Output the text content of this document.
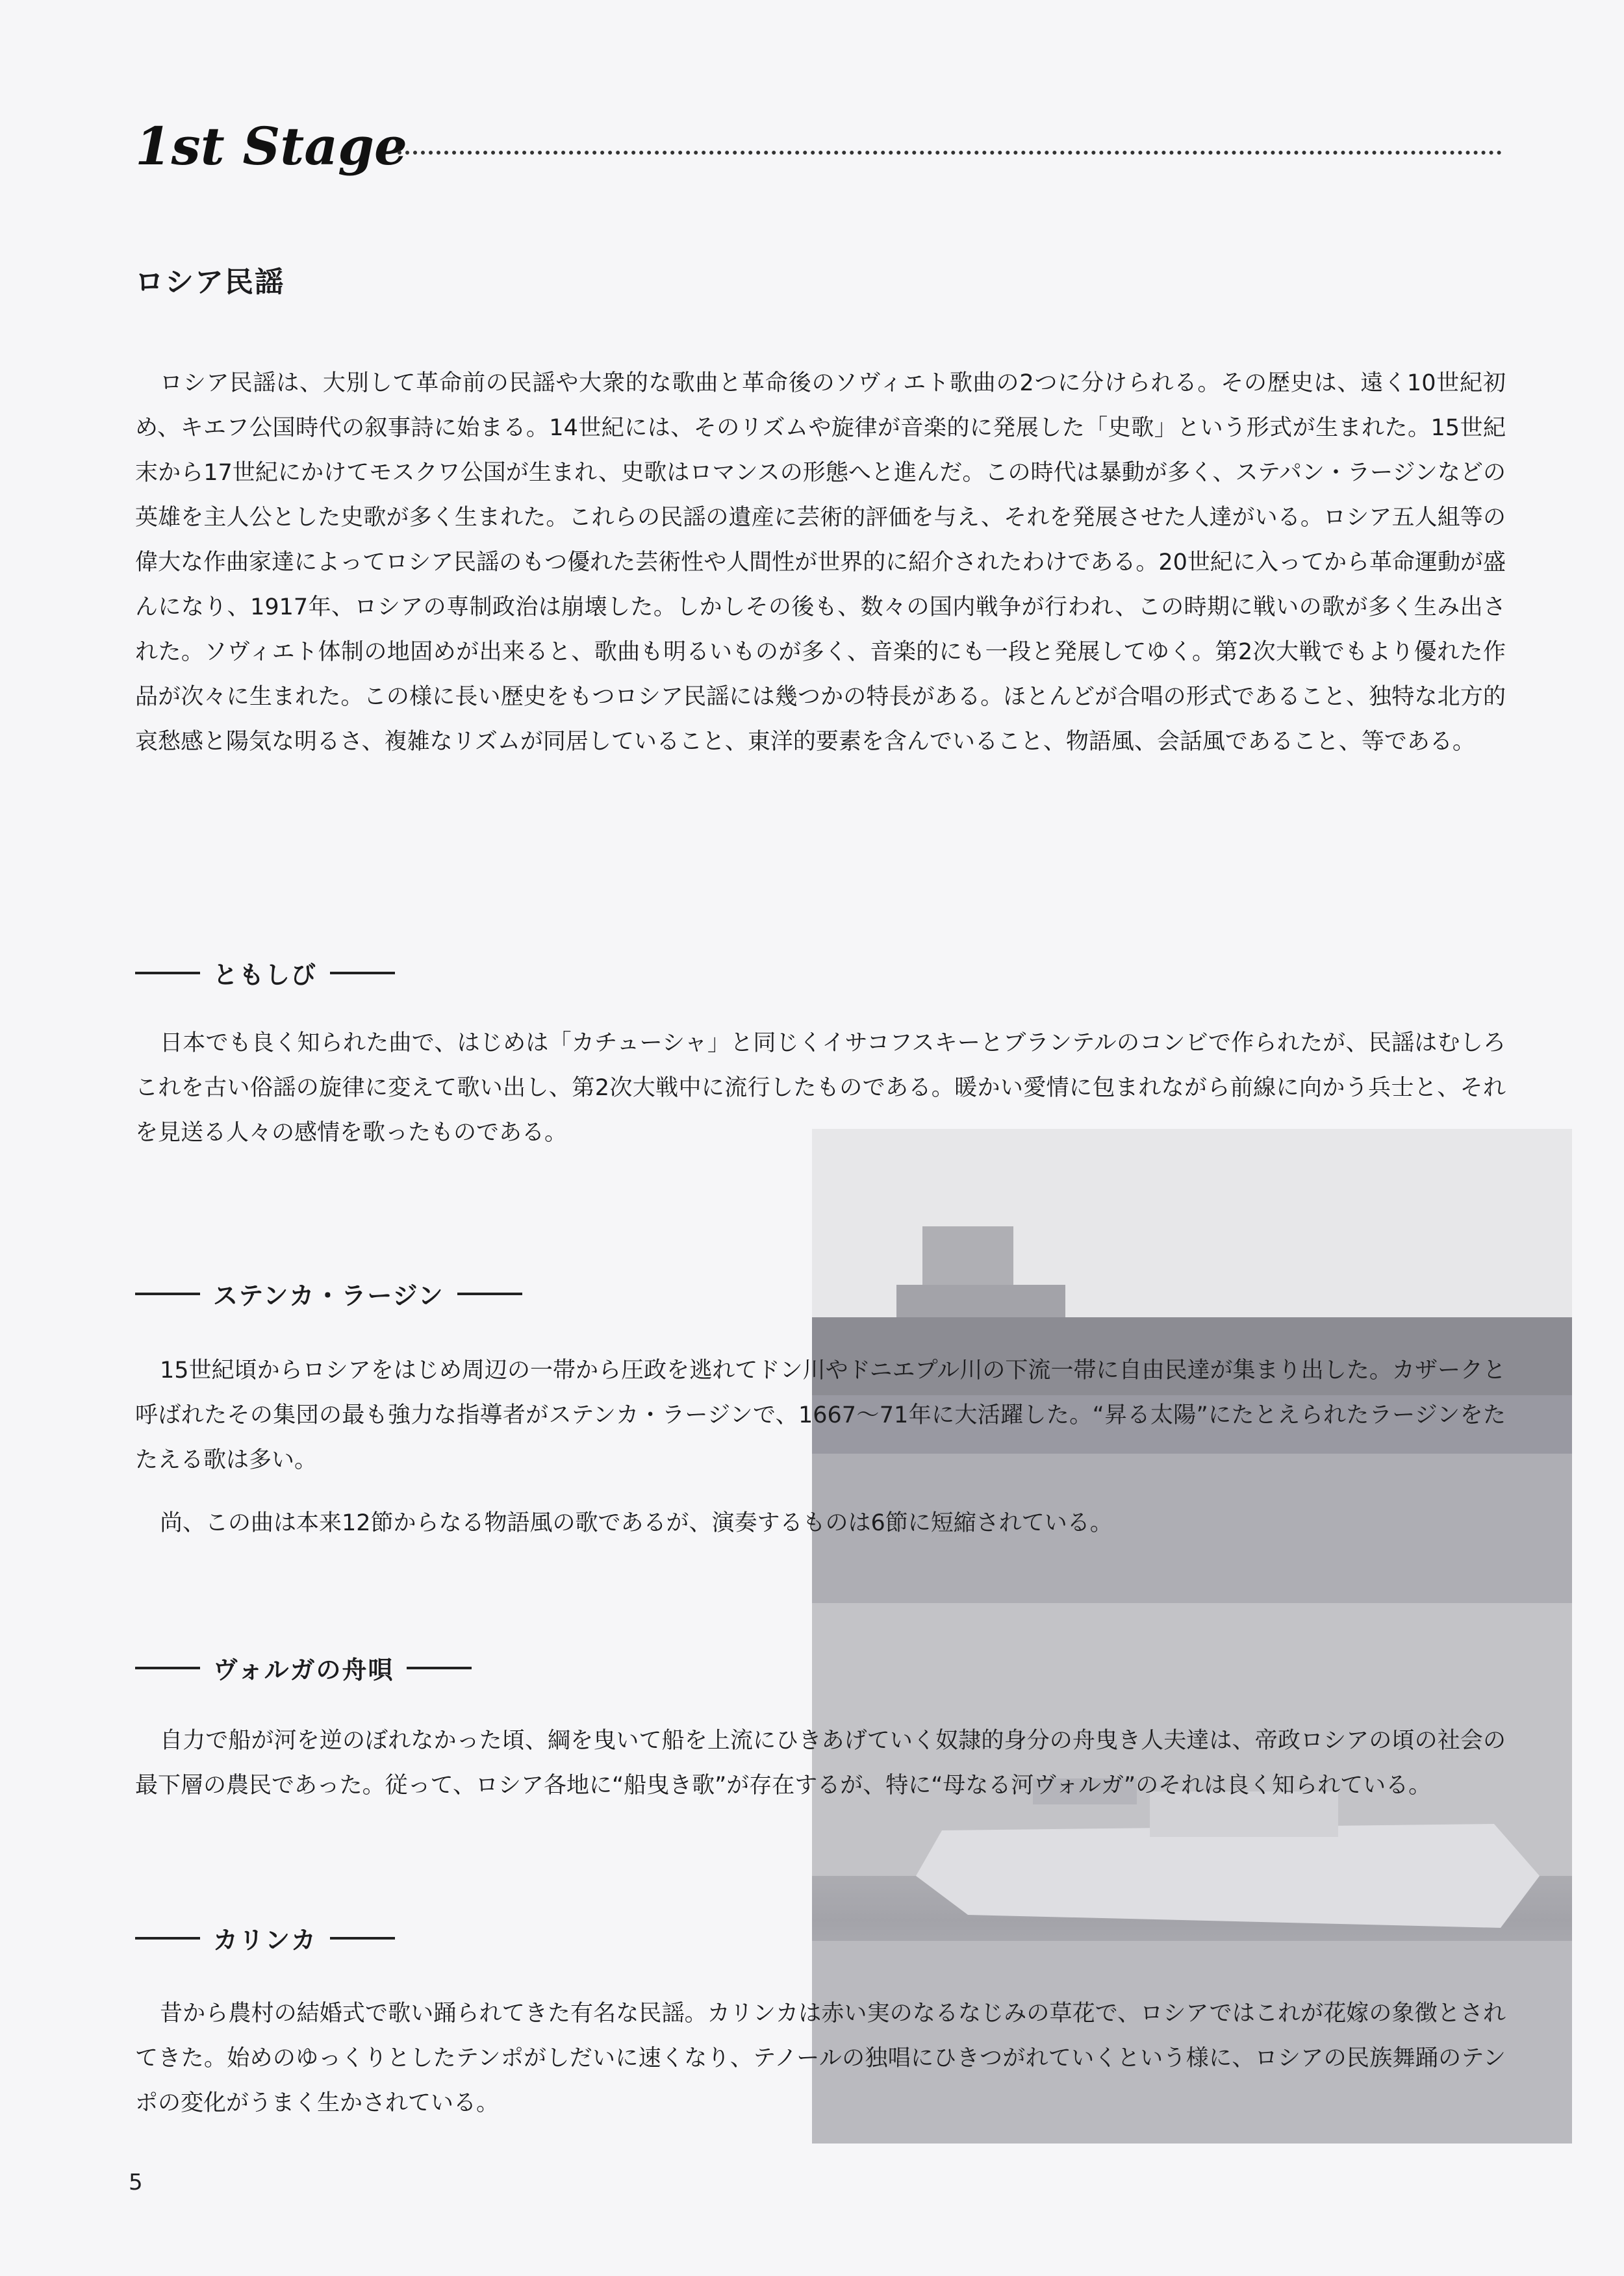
1st Stage
ロシア民謡

ロシア民謡は、大別して革命前の民謡や大衆的な歌曲と革命後のソヴィエト歌曲の2つに分けられる。その歴史は、遠く10世紀初め、キエフ公国時代の叙事詩に始まる。14世紀には、そのリズムや旋律が音楽的に発展した「史歌」という形式が生まれた。15世紀末から17世紀にかけてモスクワ公国が生まれ、史歌はロマンスの形態へと進んだ。この時代は暴動が多く、ステパン・ラージンなどの英雄を主人公とした史歌が多く生まれた。これらの民謡の遺産に芸術的評価を与え、それを発展させた人達がいる。ロシア五人組等の偉大な作曲家達によってロシア民謡のもつ優れた芸術性や人間性が世界的に紹介されたわけである。20世紀に入ってから革命運動が盛んになり、1917年、ロシアの専制政治は崩壊した。しかしその後も、数々の国内戦争が行われ、この時期に戦いの歌が多く生み出された。ソヴィエト体制の地固めが出来ると、歌曲も明るいものが多く、音楽的にも一段と発展してゆく。第2次大戦でもより優れた作品が次々に生まれた。この様に長い歴史をもつロシア民謡には幾つかの特長がある。ほとんどが合唱の形式であること、独特な北方的哀愁感と陽気な明るさ、複雑なリズムが同居していること、東洋的要素を含んでいること、物語風、会話風であること、等である。

ともしび

日本でも良く知られた曲で、はじめは「カチューシャ」と同じくイサコフスキーとブランテルのコンビで作られたが、民謡はむしろこれを古い俗謡の旋律に変えて歌い出し、第2次大戦中に流行したものである。暖かい愛情に包まれながら前線に向かう兵士と、それを見送る人々の感情を歌ったものである。

ステンカ・ラージン

15世紀頃からロシアをはじめ周辺の一帯から圧政を逃れてドン川やドニエプル川の下流一帯に自由民達が集まり出した。カザークと呼ばれたその集団の最も強力な指導者がステンカ・ラージンで、1667～71年に大活躍した。“昇る太陽”にたとえられたラージンをたたえる歌は多い。

尚、この曲は本来12節からなる物語風の歌であるが、演奏するものは6節に短縮されている。

ヴォルガの舟唄

自力で船が河を逆のぼれなかった頃、綱を曳いて船を上流にひきあげていく奴隷的身分の舟曳き人夫達は、帝政ロシアの頃の社会の最下層の農民であった。従って、ロシア各地に“船曳き歌”が存在するが、特に“母なる河ヴォルガ”のそれは良く知られている。

カリンカ

昔から農村の結婚式で歌い踊られてきた有名な民謡。カリンカは赤い実のなるなじみの草花で、ロシアではこれが花嫁の象徴とされてきた。始めのゆっくりとしたテンポがしだいに速くなり、テノールの独唱にひきつがれていくという様に、ロシアの民族舞踊のテンポの変化がうまく生かされている。

5
